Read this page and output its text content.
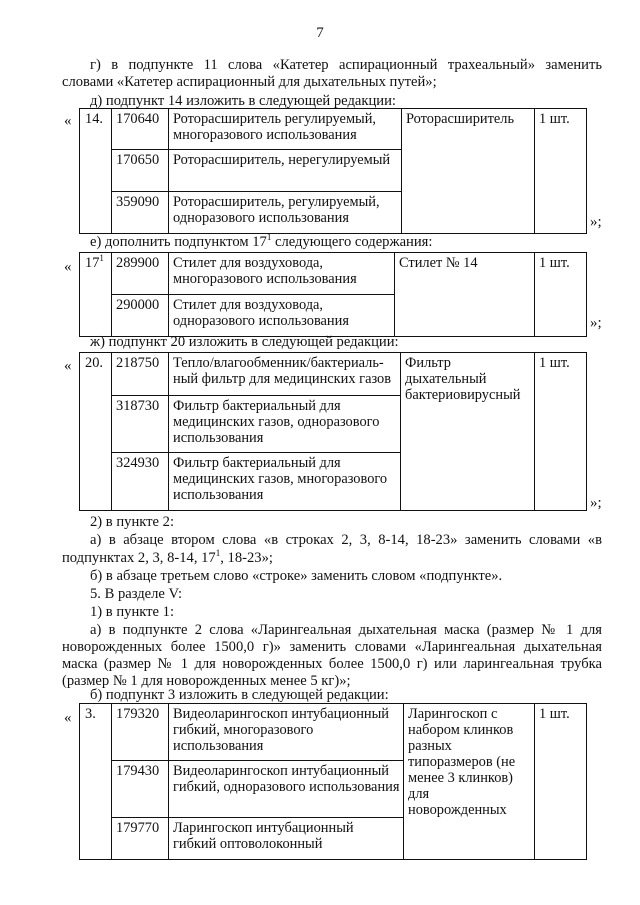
7
г) в подпункте 11 слова «Катетер аспирационный трахеальный» заменить словами «Катетер аспирационный для дыхательных путей»;
д) подпункт 14 изложить в следующей редакции:
« 14.	170640	Роторасширитель регулируемый, многоразового использования	Роторасширитель	1 шт.
	170650	Роторасширитель, нерегулируемый		
	359090	Роторасширитель, регулируемый, одноразового использования			»;
е) дополнить подпунктом $17^1$ следующего содержания:
« $17^1$	289900	Стилет для воздуховода, многоразового использования	Стилет № 14	1 шт.
	290000	Стилет для воздуховода, одноразового использования			»;
ж) подпункт 20 изложить в следующей редакции:
« 20.	218750	Тепло/влагообменник/бактериаль-ный фильтр для медицинских газов	Фильтр дыхательный бактериовирусный	1 шт.
	318730	Фильтр бактериальный для медицинских газов, одноразового использования		
	324930	Фильтр бактериальный для медицинских газов, многоразового использования			»;
2) в пункте 2:
а) в абзаце втором слова «в строках 2, 3, 8-14, 18-23» заменить словами «в
подпунктах 2, 3, 8-14, $17^1$, 18-23»;
б) в абзаце третьем слово «строке» заменить словом «подпункте».
5. В разделе V:
1) в пункте 1:
а) в подпункте 2 слова «Ларингеальная дыхательная маска (размер № 1 для новорожденных более 1500,0 г)» заменить словами «Ларингеальная дыхательная маска (размер № 1 для новорожденных более 1500,0 г) или ларингеальная трубка (размер № 1 для новорожденных менее 5 кг)»;
б) подпункт 3 изложить в следующей редакции:
« 3.	179320	Видеоларингоскоп интубационный гибкий, многоразового использования	Ларингоскоп с набором клинков разных типоразмеров (не менее 3 клинков) для новорожденных	1 шт.
	179430	Видеоларингоскоп интубационный гибкий, одноразового использования		
	179770	Ларингоскоп интубационный гибкий оптоволоконный		
